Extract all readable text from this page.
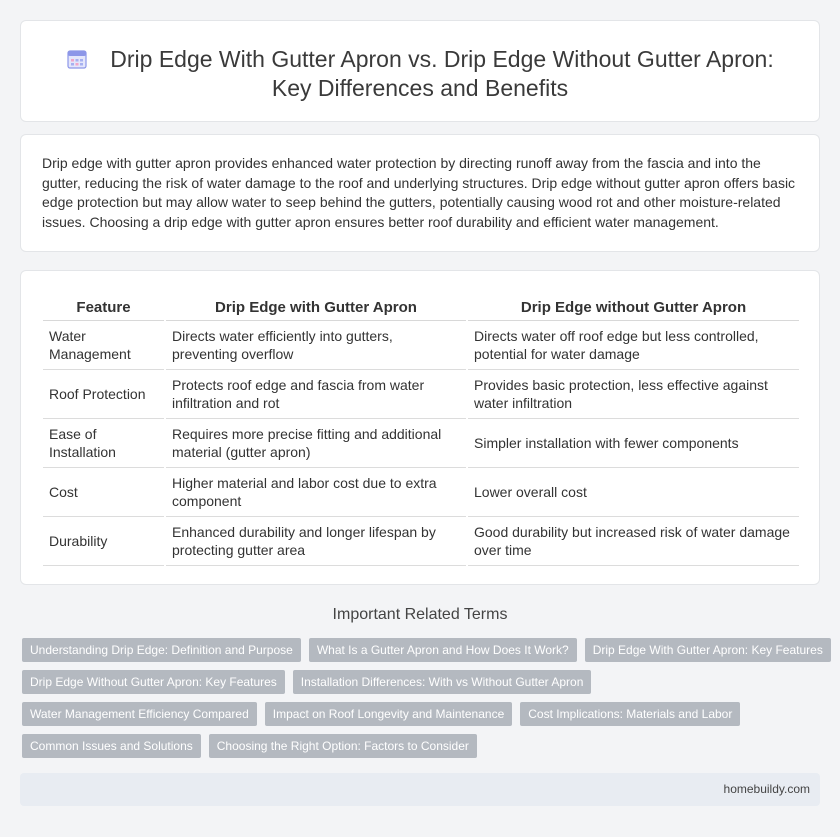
Drip Edge With Gutter Apron vs. Drip Edge Without Gutter Apron: Key Differences and Benefits

Drip edge with gutter apron provides enhanced water protection by directing runoff away from the fascia and into the gutter, reducing the risk of water damage to the roof and underlying structures. Drip edge without gutter apron offers basic edge protection but may allow water to seep behind the gutters, potentially causing wood rot and other moisture-related issues. Choosing a drip edge with gutter apron ensures better roof durability and efficient water management.

Feature	Drip Edge with Gutter Apron	Drip Edge without Gutter Apron
Water Management	Directs water efficiently into gutters, preventing overflow	Directs water off roof edge but less controlled, potential for water damage
Roof Protection	Protects roof edge and fascia from water infiltration and rot	Provides basic protection, less effective against water infiltration
Ease of Installation	Requires more precise fitting and additional material (gutter apron)	Simpler installation with fewer components
Cost	Higher material and labor cost due to extra component	Lower overall cost
Durability	Enhanced durability and longer lifespan by protecting gutter area	Good durability but increased risk of water damage over time
Important Related Terms
Understanding Drip Edge: Definition and Purpose	What Is a Gutter Apron and How Does It Work?	Drip Edge With Gutter Apron: Key Features
Drip Edge Without Gutter Apron: Key Features	Installation Differences: With vs Without Gutter Apron
Water Management Efficiency Compared	Impact on Roof Longevity and Maintenance	Cost Implications: Materials and Labor
Common Issues and Solutions	Choosing the Right Option: Factors to Consider
homebuildy.com
